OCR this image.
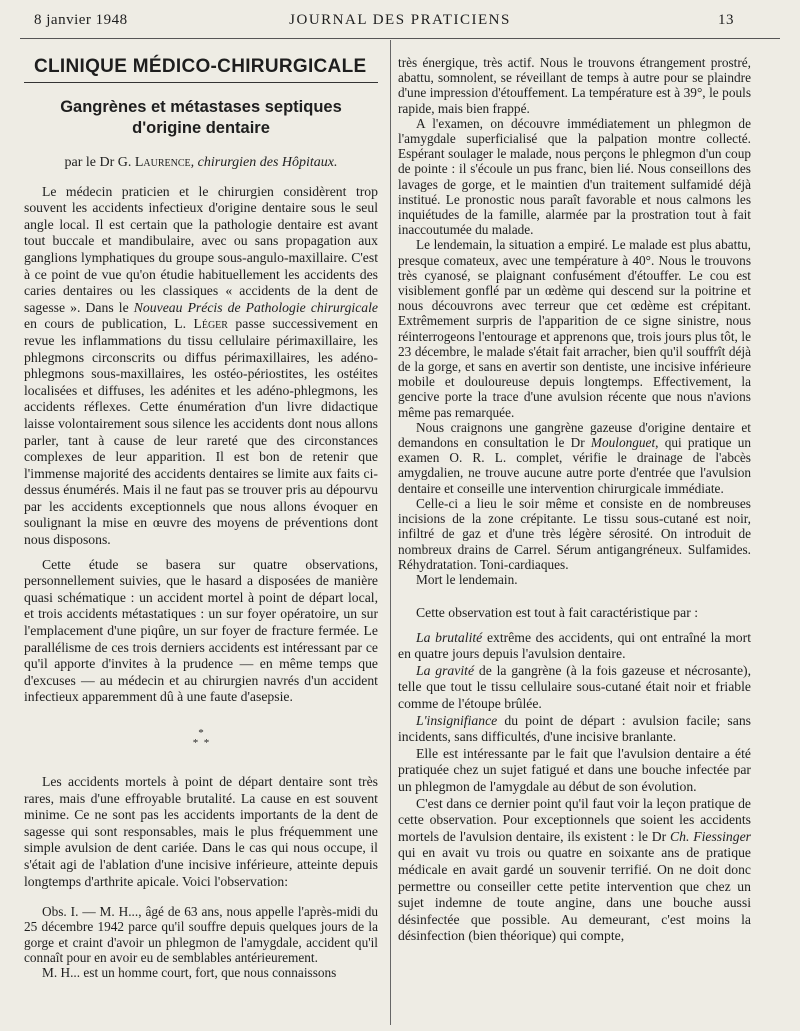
8 janvier 1948	JOURNAL DES PRATICIENS	13
CLINIQUE MÉDICO-CHIRURGICALE
Gangrènes et métastases septiques
d'origine dentaire
par le Dr G. Laurence, chirurgien des Hôpitaux.

Le médecin praticien et le chirurgien considèrent trop souvent les accidents infectieux d'origine dentaire sous le seul angle local. Il est certain que la pathologie dentaire est avant tout buccale et mandibulaire, avec ou sans propagation aux ganglions lymphatiques du groupe sous-angulo-maxillaire. C'est à ce point de vue qu'on étudie habituellement les accidents des caries dentaires ou les classiques « accidents de la dent de sagesse ». Dans le Nouveau Précis de Pathologie chirurgicale en cours de publication, L. Léger passe successivement en revue les inflammations du tissu cellulaire périmaxillaire, les phlegmons circonscrits ou diffus périmaxillaires, les adéno-phlegmons sous-maxillaires, les ostéo-périostites, les ostéites localisées et diffuses, les adénites et les adéno-phlegmons, les accidents réflexes. Cette énumération d'un livre didactique laisse volontairement sous silence les accidents dont nous allons parler, tant à cause de leur rareté que des circonstances complexes de leur apparition. Il est bon de retenir que l'immense majorité des accidents dentaires se limite aux faits ci-dessus énumérés. Mais il ne faut pas se trouver pris au dépourvu par les accidents exceptionnels que nous allons évoquer en soulignant la mise en œuvre des moyens de préventions dont nous disposons.

Cette étude se basera sur quatre observations, personnellement suivies, que le hasard a disposées de manière quasi schématique : un accident mortel à point de départ local, et trois accidents métastatiques : un sur foyer opératoire, un sur l'emplacement d'une piqûre, un sur foyer de fracture fermée. Le parallélisme de ces trois derniers accidents est intéressant par ce qu'il apporte d'invites à la prudence — en même temps que d'excuses — au médecin et au chirurgien navrés d'un accident infectieux apparemment dû à une faute d'asepsie.

*
*  *

Les accidents mortels à point de départ dentaire sont très rares, mais d'une effroyable brutalité. La cause en est souvent minime. Ce ne sont pas les accidents importants de la dent de sagesse qui sont responsables, mais le plus fréquemment une simple avulsion de dent cariée. Dans le cas qui nous occupe, il s'était agi de l'ablation d'une incisive inférieure, atteinte depuis longtemps d'arthrite apicale. Voici l'observation:

Obs. I. — M. H..., âgé de 63 ans, nous appelle l'après-midi du 25 décembre 1942 parce qu'il souffre depuis quelques jours de la gorge et craint d'avoir un phlegmon de l'amygdale, accident qu'il connaît pour en avoir eu de semblables antérieurement.

M. H... est un homme court, fort, que nous connaissons

très énergique, très actif. Nous le trouvons étrangement prostré, abattu, somnolent, se réveillant de temps à autre pour se plaindre d'une impression d'étouffement. La température est à 39°, le pouls rapide, mais bien frappé.

A l'examen, on découvre immédiatement un phlegmon de l'amygdale superficialisé que la palpation montre collecté. Espérant soulager le malade, nous perçons le phlegmon d'un coup de pointe : il s'écoule un pus franc, bien lié. Nous conseillons des lavages de gorge, et le maintien d'un traitement sulfamidé déjà institué. Le pronostic nous paraît favorable et nous calmons les inquiétudes de la famille, alarmée par la prostration tout à fait inaccoutumée du malade.

Le lendemain, la situation a empiré. Le malade est plus abattu, presque comateux, avec une température à 40°. Nous le trouvons très cyanosé, se plaignant confusément d'étouffer. Le cou est visiblement gonflé par un œdème qui descend sur la poitrine et nous découvrons avec terreur que cet œdème est crépitant. Extrêmement surpris de l'apparition de ce signe sinistre, nous réinterrogeons l'entourage et apprenons que, trois jours plus tôt, le 23 décembre, le malade s'était fait arracher, bien qu'il souffrît déjà de la gorge, et sans en avertir son dentiste, une incisive inférieure mobile et douloureuse depuis longtemps. Effectivement, la gencive porte la trace d'une avulsion récente que nous n'avions même pas remarquée.

Nous craignons une gangrène gazeuse d'origine dentaire et demandons en consultation le Dr Moulonguet, qui pratique un examen O. R. L. complet, vérifie le drainage de l'abcès amygdalien, ne trouve aucune autre porte d'entrée que l'avulsion dentaire et conseille une intervention chirurgicale immédiate.

Celle-ci a lieu le soir même et consiste en de nombreuses incisions de la zone crépitante. Le tissu sous-cutané est noir, infiltré de gaz et d'une très légère sérosité. On introduit de nombreux drains de Carrel. Sérum antigangréneux. Sulfamides. Réhydratation. Toni-cardiaques.

Mort le lendemain.

Cette observation est tout à fait caractéristique par :

La brutalité extrême des accidents, qui ont entraîné la mort en quatre jours depuis l'avulsion dentaire.

La gravité de la gangrène (à la fois gazeuse et nécrosante), telle que tout le tissu cellulaire sous-cutané était noir et friable comme de l'étoupe brûlée.

L'insignifiance du point de départ : avulsion facile; sans incidents, sans difficultés, d'une incisive branlante.

Elle est intéressante par le fait que l'avulsion dentaire a été pratiquée chez un sujet fatigué et dans une bouche infectée par un phlegmon de l'amygdale au début de son évolution.

C'est dans ce dernier point qu'il faut voir la leçon pratique de cette observation. Pour exceptionnels que soient les accidents mortels de l'avulsion dentaire, ils existent : le Dr Ch. Fiessinger qui en avait vu trois ou quatre en soixante ans de pratique médicale en avait gardé un souvenir terrifié. On ne doit donc permettre ou conseiller cette petite intervention que chez un sujet indemne de toute angine, dans une bouche aussi désinfectée que possible. Au demeurant, c'est moins la désinfection (bien théorique) qui compte,
